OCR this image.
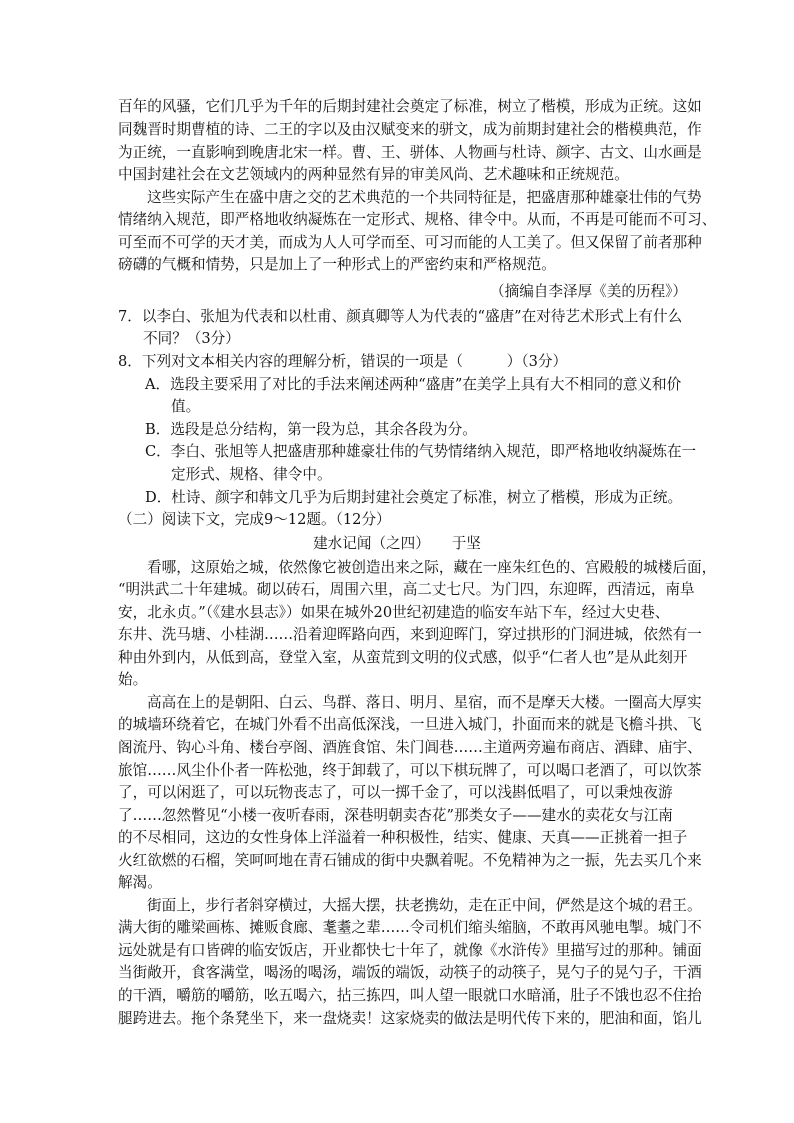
百年的风骚，它们几乎为千年的后期封建社会奠定了标准，树立了楷模，形成为正统。这如
同魏晋时期曹植的诗、二王的字以及由汉赋变来的骈文，成为前期封建社会的楷模典范，作
为正统，一直影响到晚唐北宋一样。曹、王、骈体、人物画与杜诗、颜字、古文、山水画是
中国封建社会在文艺领域内的两种显然有异的审美风尚、艺术趣味和正统规范。
这些实际产生在盛中唐之交的艺术典范的一个共同特征是，把盛唐那种雄豪壮伟的气势
情绪纳入规范，即严格地收纳凝炼在一定形式、规格、律令中。从而，不再是可能而不可习、
可至而不可学的天才美，而成为人人可学而至、可习而能的人工美了。但又保留了前者那种
磅礴的气概和情势，只是加上了一种形式上的严密约束和严格规范。
（摘编自李泽厚《美的历程》）
7．以李白、张旭为代表和以杜甫、颜真卿等人为代表的“盛唐”在对待艺术形式上有什么
不同？（3分）
8．下列对文本相关内容的理解分析，错误的一项是（　　　）（3分）
A．选段主要采用了对比的手法来阐述两种“盛唐”在美学上具有大不相同的意义和价
值。
B．选段是总分结构，第一段为总，其余各段为分。
C．李白、张旭等人把盛唐那种雄豪壮伟的气势情绪纳入规范，即严格地收纳凝炼在一
定形式、规格、律令中。
D．杜诗、颜字和韩文几乎为后期封建社会奠定了标准，树立了楷模，形成为正统。
（二）阅读下文，完成9～12题。（12分）
建水记闻（之四）　　于坚
看哪，这原始之城，依然像它被创造出来之际，藏在一座朱红色的、宫殿般的城楼后面，
“明洪武二十年建城。砌以砖石，周围六里，高二丈七尺。为门四，东迎晖，西清远，南阜
安，北永贞。”（《建水县志》）如果在城外20世纪初建造的临安车站下车，经过大史巷、
东井、洗马塘、小桂湖……沿着迎晖路向西，来到迎晖门，穿过拱形的门洞进城，依然有一
种由外到内，从低到高，登堂入室，从蛮荒到文明的仪式感，似乎“仁者人也”是从此刻开
始。
高高在上的是朝阳、白云、鸟群、落日、明月、星宿，而不是摩天大楼。一圈高大厚实
的城墙环绕着它，在城门外看不出高低深浅，一旦进入城门，扑面而来的就是飞檐斗拱、飞
阁流丹、钩心斗角、楼台亭阁、酒旌食馆、朱门阊巷……主道两旁遍布商店、酒肆、庙宇、
旅馆……风尘仆仆者一阵松弛，终于卸载了，可以下棋玩牌了，可以喝口老酒了，可以饮茶
了，可以闲逛了，可以玩物丧志了，可以一掷千金了，可以浅斟低唱了，可以秉烛夜游
了……忽然瞥见“小楼一夜听春雨，深巷明朝卖杏花”那类女子——建水的卖花女与江南
的不尽相同，这边的女性身体上洋溢着一种积极性，结实、健康、天真——正挑着一担子
火红欲燃的石榴，笑呵呵地在青石铺成的街中央飘着呢。不免精神为之一振，先去买几个来
解渴。
街面上，步行者斜穿横过，大摇大摆，扶老携幼，走在正中间，俨然是这个城的君王。
满大街的雕梁画栋、摊贩食廊、耄耋之辈……令司机们缩头缩脑，不敢再风驰电掣。城门不
远处就是有口皆碑的临安饭店，开业都快七十年了，就像《水浒传》里描写过的那种。铺面
当街敞开，食客满堂，喝汤的喝汤，端饭的端饭，动筷子的动筷子，晃勺子的晃勺子，干酒
的干酒，嚼筋的嚼筋，吆五喝六，拈三拣四，叫人望一眼就口水暗涌，肚子不饿也忍不住抬
腿跨进去。拖个条凳坐下，来一盘烧卖！这家烧卖的做法是明代传下来的，肥油和面，馅儿
